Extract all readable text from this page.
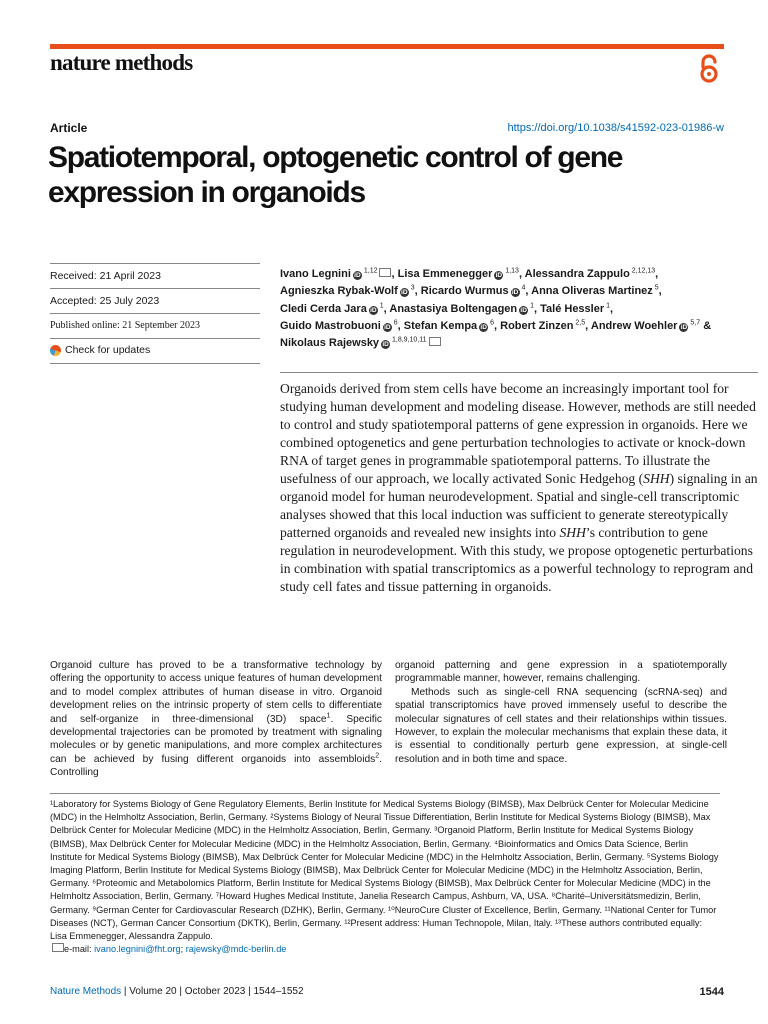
nature methods
Article	https://doi.org/10.1038/s41592-023-01986-w
Spatiotemporal, optogenetic control of gene expression in organoids
Received: 21 April 2023
Accepted: 25 July 2023
Published online: 21 September 2023
Check for updates
Ivano Legnini iD $^{1,12}$ , Lisa Emmenegger iD $^{1,13}$, Alessandra Zappulo $^{2,12,13}$, Agnieszka Rybak-Wolf iD $^3$, Ricardo Wurmus iD $^4$, Anna Oliveras Martinez $^5$, Cledi Cerda Jara iD $^1$, Anastasiya Boltengagen iD $^1$, Talé Hessler $^1$, Guido Mastrobuoni iD $^6$, Stefan Kempa iD $^6$, Robert Zinzen $^{2,5}$, Andrew Woehler iD $^{5,7}$ & Nikolaus Rajewsky iD $^{1,8,9,10,11}$

Organoids derived from stem cells have become an increasingly important tool for studying human development and modeling disease. However, methods are still needed to control and study spatiotemporal patterns of gene expression in organoids. Here we combined optogenetics and gene perturbation technologies to activate or knock-down RNA of target genes in programmable spatiotemporal patterns. To illustrate the usefulness of our approach, we locally activated Sonic Hedgehog (SHH) signaling in an organoid model for human neurodevelopment. Spatial and single-cell transcriptomic analyses showed that this local induction was sufficient to generate stereotypically patterned organoids and revealed new insights into SHH’s contribution to gene regulation in neurodevelopment. With this study, we propose optogenetic perturbations in combination with spatial transcriptomics as a powerful technology to reprogram and study cell fates and tissue patterning in organoids.

Organoid culture has proved to be a transformative technology by offering the opportunity to access unique features of human development and to model complex attributes of human disease in vitro. Organoid development relies on the intrinsic property of stem cells to differentiate and self-organize in three-dimensional (3D) space$^1$. Specific developmental trajectories can be promoted by treatment with signaling molecules or by genetic manipulations, and more complex architectures can be achieved by fusing different organoids into assembloids$^2$. Controlling

organoid patterning and gene expression in a spatiotemporally programmable manner, however, remains challenging.

Methods such as single-cell RNA sequencing (scRNA-seq) and spatial transcriptomics have proved immensely useful to describe the molecular signatures of cell states and their relationships within tissues. However, to explain the molecular mechanisms that explain these data, it is essential to conditionally perturb gene expression, at single-cell resolution and in both time and space.

¹Laboratory for Systems Biology of Gene Regulatory Elements, Berlin Institute for Medical Systems Biology (BIMSB), Max Delbrück Center for Molecular Medicine (MDC) in the Helmholtz Association, Berlin, Germany. ²Systems Biology of Neural Tissue Differentiation, Berlin Institute for Medical Systems Biology (BIMSB), Max Delbrück Center for Molecular Medicine (MDC) in the Helmholtz Association, Berlin, Germany. ³Organoid Platform, Berlin Institute for Medical Systems Biology (BIMSB), Max Delbrück Center for Molecular Medicine (MDC) in the Helmholtz Association, Berlin, Germany. ⁴Bioinformatics and Omics Data Science, Berlin Institute for Medical Systems Biology (BIMSB), Max Delbrück Center for Molecular Medicine (MDC) in the Helmholtz Association, Berlin, Germany. ⁵Systems Biology Imaging Platform, Berlin Institute for Medical Systems Biology (BIMSB), Max Delbrück Center for Molecular Medicine (MDC) in the Helmholtz Association, Berlin, Germany. ⁶Proteomic and Metabolomics Platform, Berlin Institute for Medical Systems Biology (BIMSB), Max Delbrück Center for Molecular Medicine (MDC) in the Helmholtz Association, Berlin, Germany. ⁷Howard Hughes Medical Institute, Janelia Research Campus, Ashburn, VA, USA. ⁸Charité–Universitätsmedizin, Berlin, Germany. ⁹German Center for Cardiovascular Research (DZHK), Berlin, Germany. ¹⁰NeuroCure Cluster of Excellence, Berlin, Germany. ¹¹National Center for Tumor Diseases (NCT), German Cancer Consortium (DKTK), Berlin, Germany. ¹²Present address: Human Technopole, Milan, Italy. ¹³These authors contributed equally: Lisa Emmenegger, Alessandra Zappulo.
e-mail: ivano.legnini@fht.org; rajewsky@mdc-berlin.de
Nature Methods | Volume 20 | October 2023 | 1544–1552	1544
